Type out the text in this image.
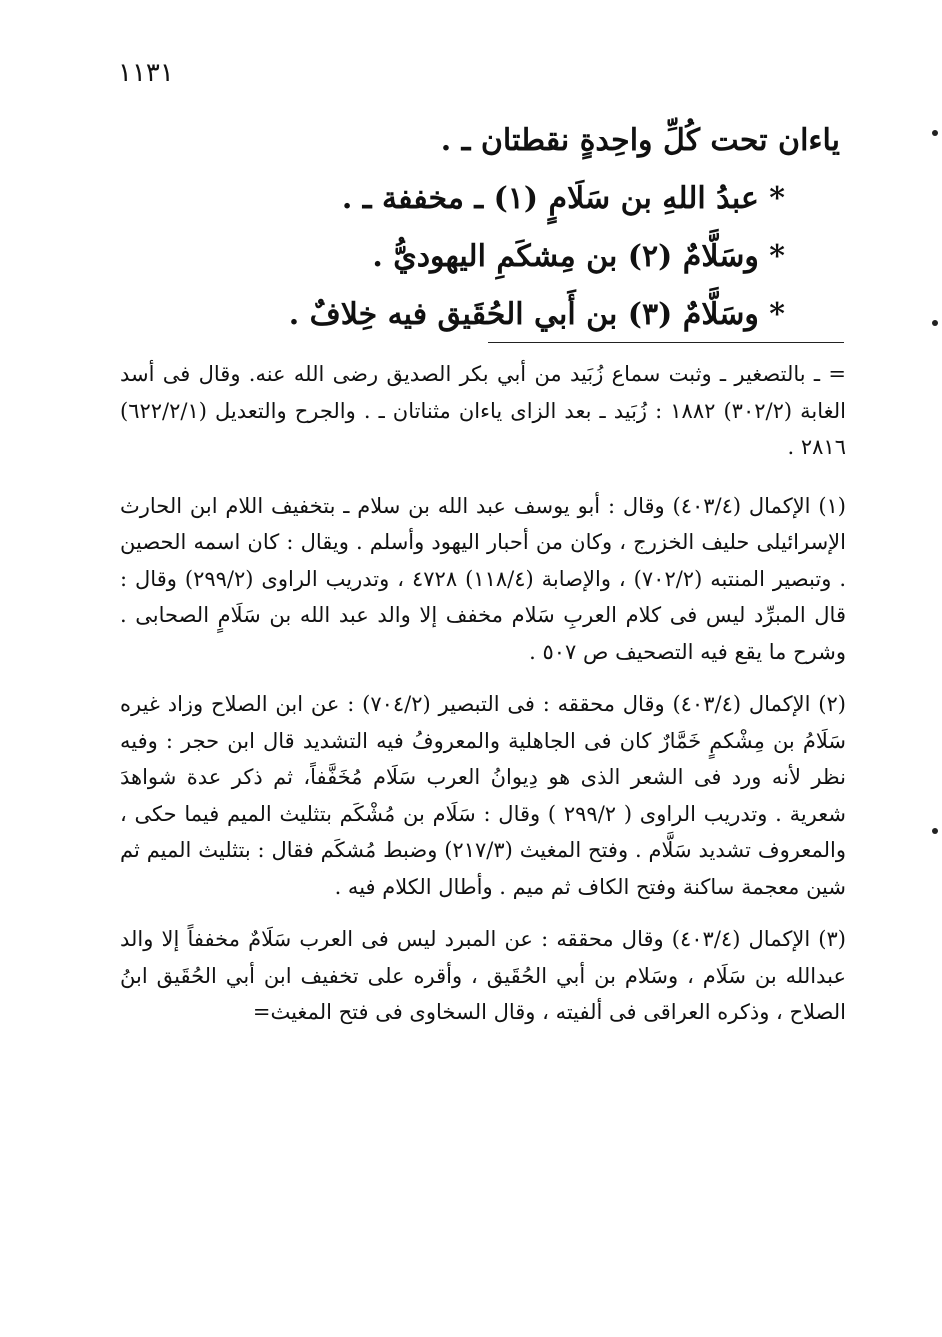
١١٣١
ياءان تحت كُلِّ واحِدةٍ نقطتان ـ .
* عبدُ اللهِ بن سَلَامٍ (١) ـ مخففة ـ .
* وسَلَّامٌ (٢) بن مِشكَمِ اليهوديُّ .
* وسَلَّامٌ (٣) بن أَبي الحُقَيق فيه خِلافٌ .

= ـ بالتصغير ـ وثبت سماع زُبَيد من أبي بكر الصديق رضى الله عنه. وقال فى أسد الغابة (٣٠٢/٢) ١٨٨٢ : زُبَيد ـ بعد الزاى ياءان مثناتان ـ . والجرح والتعديل (٦٢٢/٢/١) ٢٨١٦ .

(١) الإكمال (٤٠٣/٤) وقال : أبو يوسف عبد الله بن سلام ـ بتخفيف اللام ابن الحارث الإسرائيلى حليف الخزرج ، وكان من أحبار اليهود وأسلم . ويقال : كان اسمه الحصين . وتبصير المنتبه (٧٠٢/٢) ، والإصابة (١١٨/٤) ٤٧٢٨ ، وتدريب الراوى (٢٩٩/٢) وقال : قال المبرِّد ليس فى كلام العربِ سَلام مخفف إلا والد عبد الله بن سَلَامٍ الصحابى . وشرح ما يقع فيه التصحيف ص ٥٠٧ .

(٢) الإكمال (٤٠٣/٤) وقال محققه : فى التبصير (٧٠٤/٢) : عن ابن الصلاح وزاد غيره سَلَامُ بن مِشْكمٍ خَمَّارٌ كان فى الجاهلية والمعروفُ فيه التشديد قال ابن حجر : وفيه نظر لأنه ورد فى الشعر الذى هو دِيوانُ العرب سَلَام مُخَفَّفاً، ثم ذكر عدة شواهدَ شعرية . وتدريب الراوى ( ٢٩٩/٢ ) وقال : سَلَام بن مُشْكَم بتثليث الميم فيما حكى ، والمعروف تشديد سَلَّام . وفتح المغيث (٢١٧/٣) وضبط مُشكَم فقال : بتثليث الميم ثم شين معجمة ساكنة وفتح الكاف ثم ميم . وأطال الكلام فيه .

(٣) الإكمال (٤٠٣/٤) وقال محققه : عن المبرد ليس فى العرب سَلَامٌ مخففاً إلا والد عبدالله بن سَلَام ، وسَلام بن أبي الحُقَيق ، وأقره على تخفيف ابن أبي الحُقَيق ابنُ الصلاح ، وذكره العراقى فى ألفيته ، وقال السخاوى فى فتح المغيث=
